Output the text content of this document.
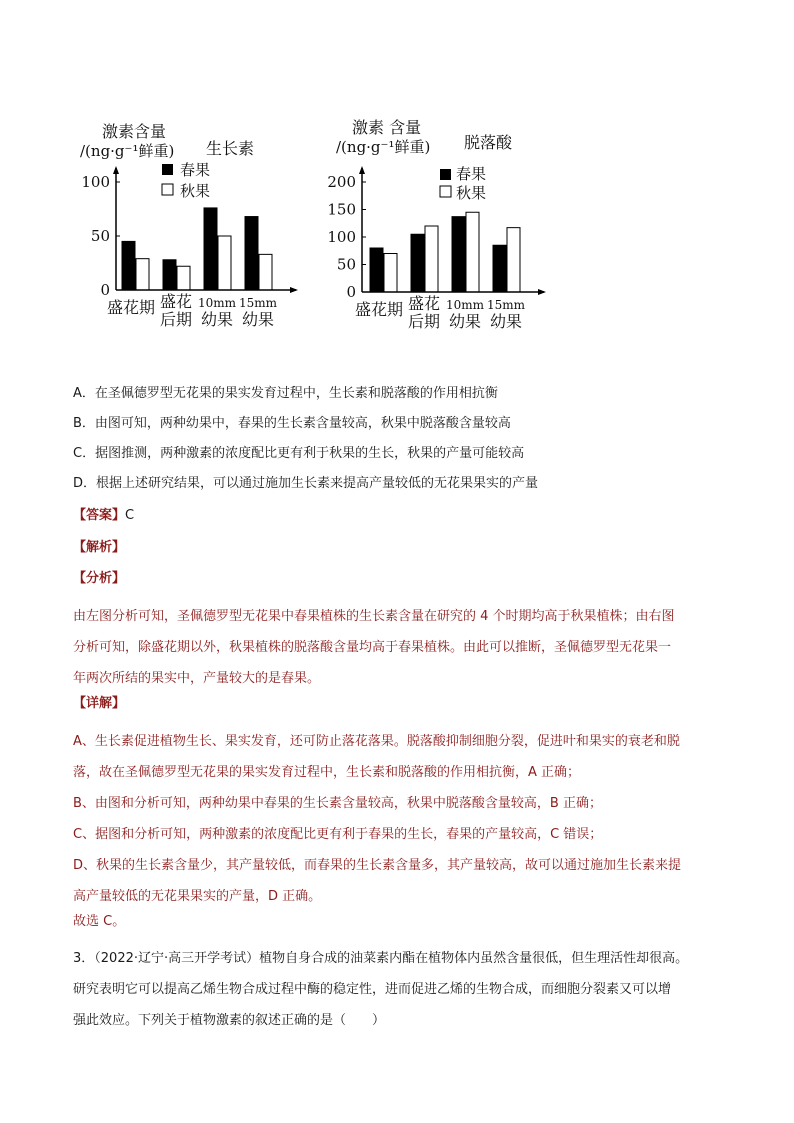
激素含量
/(ng·g⁻¹鲜重) 生长素
春果
秋果
100
50
0
盛花期 盛花
后期
10mm
幼果
15mm
幼果
激素 含量
/(ng·g⁻¹鲜重) 脱落酸
春果
秋果
200
150
100
50
0
盛花期 盛花
后期
10mm
幼果
15mm
幼果
A．在圣佩德罗型无花果的果实发育过程中，生长素和脱落酸的作用相抗衡
B．由图可知，两种幼果中，春果的生长素含量较高，秋果中脱落酸含量较高
C．据图推测，两种激素的浓度配比更有利于秋果的生长，秋果的产量可能较高
D．根据上述研究结果，可以通过施加生长素来提高产量较低的无花果果实的产量
【答案】C
【解析】
【分析】
由左图分析可知，圣佩德罗型无花果中春果植株的生长素含量在研究的 4 个时期均高于秋果植株；由右图
分析可知，除盛花期以外，秋果植株的脱落酸含量均高于春果植株。由此可以推断，圣佩德罗型无花果一
年两次所结的果实中，产量较大的是春果。
【详解】
A、生长素促进植物生长、果实发育，还可防止落花落果。脱落酸抑制细胞分裂，促进叶和果实的衰老和脱
落，故在圣佩德罗型无花果的果实发育过程中，生长素和脱落酸的作用相抗衡，A 正确；
B、由图和分析可知，两种幼果中春果的生长素含量较高，秋果中脱落酸含量较高，B 正确；
C、据图和分析可知，两种激素的浓度配比更有利于春果的生长，春果的产量较高，C 错误；
D、秋果的生长素含量少，其产量较低，而春果的生长素含量多，其产量较高，故可以通过施加生长素来提
高产量较低的无花果果实的产量，D 正确。
故选 C。
3．（2022·辽宁·高三开学考试）植物自身合成的油菜素内酯在植物体内虽然含量很低，但生理活性却很高。
研究表明它可以提高乙烯生物合成过程中酶的稳定性，进而促进乙烯的生物合成，而细胞分裂素又可以增
强此效应。下列关于植物激素的叙述正确的是（　　）
